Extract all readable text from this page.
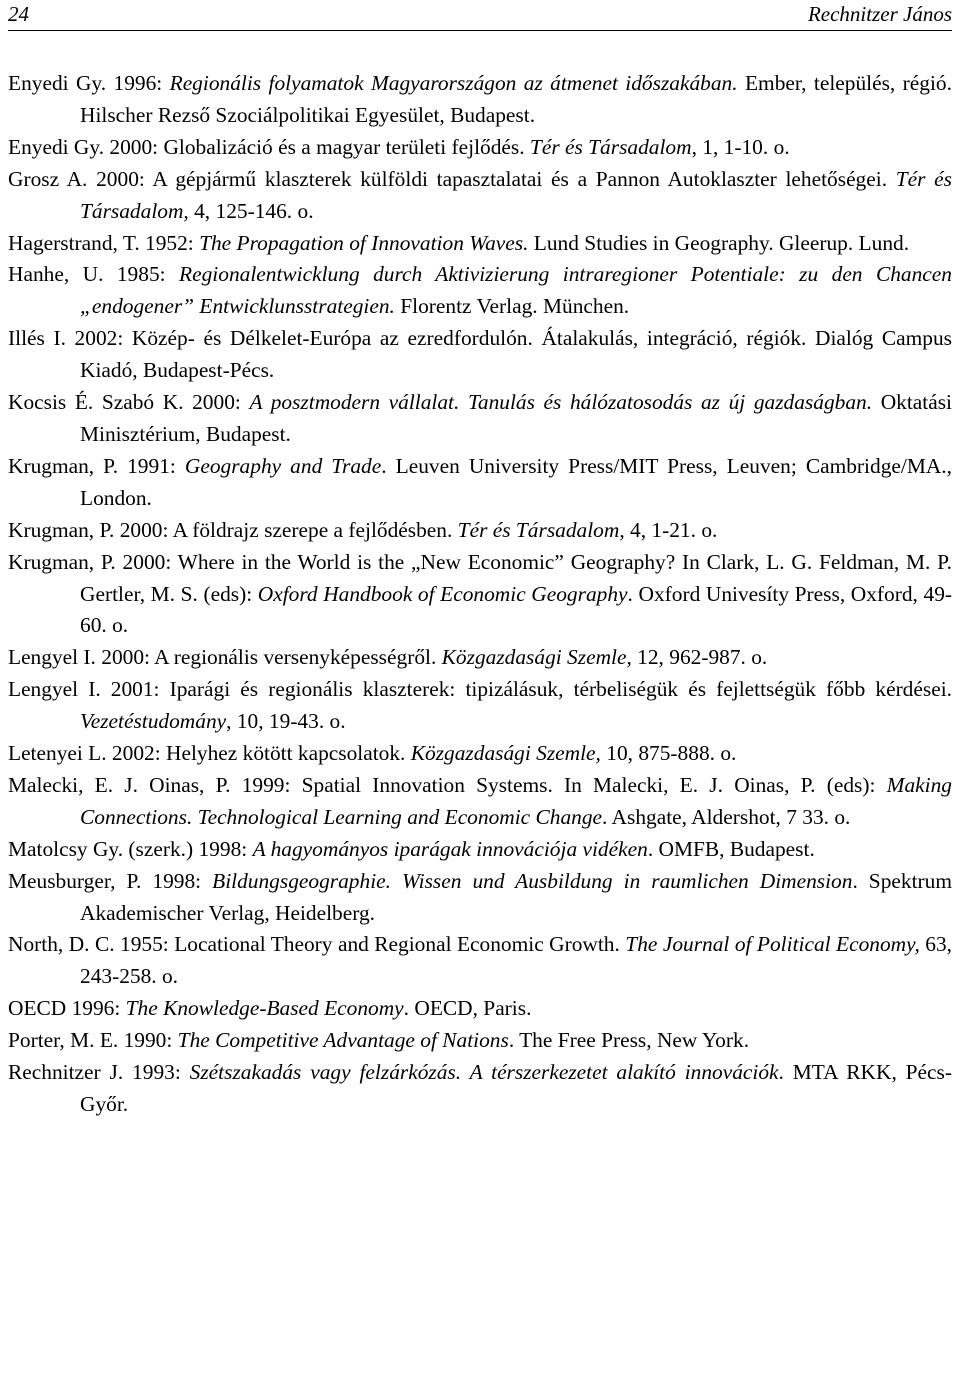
24	Rechnitzer János

Enyedi Gy. 1996: Regionális folyamatok Magyarországon az átmenet időszakában. Ember, település, régió. Hilscher Rezső Szociálpolitikai Egyesület, Budapest.

Enyedi Gy. 2000: Globalizáció és a magyar területi fejlődés. Tér és Társadalom, 1, 1-10. o.

Grosz A. 2000: A gépjármű klaszterek külföldi tapasztalatai és a Pannon Autoklaszter lehetőségei. Tér és Társadalom, 4, 125-146. o.

Hagerstrand, T. 1952: The Propagation of Innovation Waves. Lund Studies in Geography. Gleerup. Lund.

Hanhe, U. 1985: Regionalentwicklung durch Aktivizierung intraregioner Potentiale: zu den Chancen „endogener” Entwicklunsstrategien. Florentz Verlag. München.

Illés I. 2002: Közép- és Délkelet-Európa az ezredfordulón. Átalakulás, integráció, régiók. Dialóg Campus Kiadó, Budapest-Pécs.

Kocsis É. Szabó K. 2000: A posztmodern vállalat. Tanulás és hálózatosodás az új gazdaságban. Oktatási Minisztérium, Budapest.

Krugman, P. 1991: Geography and Trade. Leuven University Press/MIT Press, Leuven; Cambridge/MA., London.

Krugman, P. 2000: A földrajz szerepe a fejlődésben. Tér és Társadalom, 4, 1-21. o.

Krugman, P. 2000: Where in the World is the „New Economic” Geography? In Clark, L. G. Feldman, M. P. Gertler, M. S. (eds): Oxford Handbook of Economic Geography. Oxford Univesíty Press, Oxford, 49-60. o.

Lengyel I. 2000: A regionális versenyképességről. Közgazdasági Szemle, 12, 962-987. o.

Lengyel I. 2001: Iparági és regionális klaszterek: tipizálásuk, térbeliségük és fejlettségük főbb kérdései. Vezetéstudomány, 10, 19-43. o.

Letenyei L. 2002: Helyhez kötött kapcsolatok. Közgazdasági Szemle, 10, 875-888. o.

Malecki, E. J. Oinas, P. 1999: Spatial Innovation Systems. In Malecki, E. J. Oinas, P. (eds): Making Connections. Technological Learning and Economic Change. Ashgate, Aldershot, 7 33. o.

Matolcsy Gy. (szerk.) 1998: A hagyományos iparágak innovációja vidéken. OMFB, Budapest.

Meusburger, P. 1998: Bildungsgeographie. Wissen und Ausbildung in raumlichen Dimension. Spektrum Akademischer Verlag, Heidelberg.

North, D. C. 1955: Locational Theory and Regional Economic Growth. The Journal of Political Economy, 63, 243-258. o.

OECD 1996: The Knowledge-Based Economy. OECD, Paris.

Porter, M. E. 1990: The Competitive Advantage of Nations. The Free Press, New York.

Rechnitzer J. 1993: Szétszakadás vagy felzárkózás. A térszerkezetet alakító innovációk. MTA RKK, Pécs-Győr.
